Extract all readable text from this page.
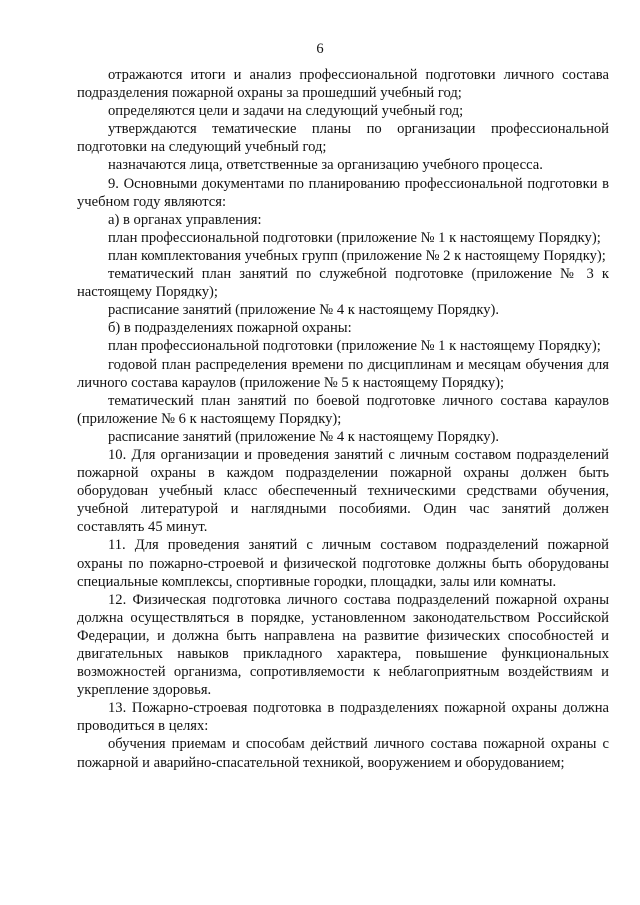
6

отражаются итоги и анализ профессиональной подготовки личного состава подразделения пожарной охраны за прошедший учебный год;

определяются цели и задачи на следующий учебный год;

утверждаются тематические планы по организации профессиональной подготовки на следующий учебный год;

назначаются лица, ответственные за организацию учебного процесса.

9. Основными документами по планированию профессиональной подготовки в учебном году являются:

а) в органах управления:

план профессиональной подготовки (приложение № 1 к настоящему Порядку);

план комплектования учебных групп (приложение № 2 к настоящему Порядку);

тематический план занятий по служебной подготовке (приложение № 3 к настоящему Порядку);

расписание занятий (приложение № 4 к настоящему Порядку).

б) в подразделениях пожарной охраны:

план профессиональной подготовки (приложение № 1 к настоящему Порядку);

годовой план распределения времени по дисциплинам и месяцам обучения для личного состава караулов (приложение № 5 к настоящему Порядку);

тематический план занятий по боевой подготовке личного состава караулов (приложение № 6 к настоящему Порядку);

расписание занятий (приложение № 4 к настоящему Порядку).

10. Для организации и проведения занятий с личным составом подразделений пожарной охраны в каждом подразделении пожарной охраны должен быть оборудован учебный класс обеспеченный техническими средствами обучения, учебной литературой и наглядными пособиями. Один час занятий должен составлять 45 минут.

11. Для проведения занятий с личным составом подразделений пожарной охраны по пожарно-строевой и физической подготовке должны быть оборудованы специальные комплексы, спортивные городки, площадки, залы или комнаты.

12. Физическая подготовка личного состава подразделений пожарной охраны должна осуществляться в порядке, установленном законодательством Российской Федерации, и должна быть направлена на развитие физических способностей и двигательных навыков прикладного характера, повышение функциональных возможностей организма, сопротивляемости к неблагоприятным воздействиям и укрепление здоровья.

13. Пожарно-строевая подготовка в подразделениях пожарной охраны должна проводиться в целях:

обучения приемам и способам действий личного состава пожарной охраны с пожарной и аварийно-спасательной техникой, вооружением и оборудованием;
